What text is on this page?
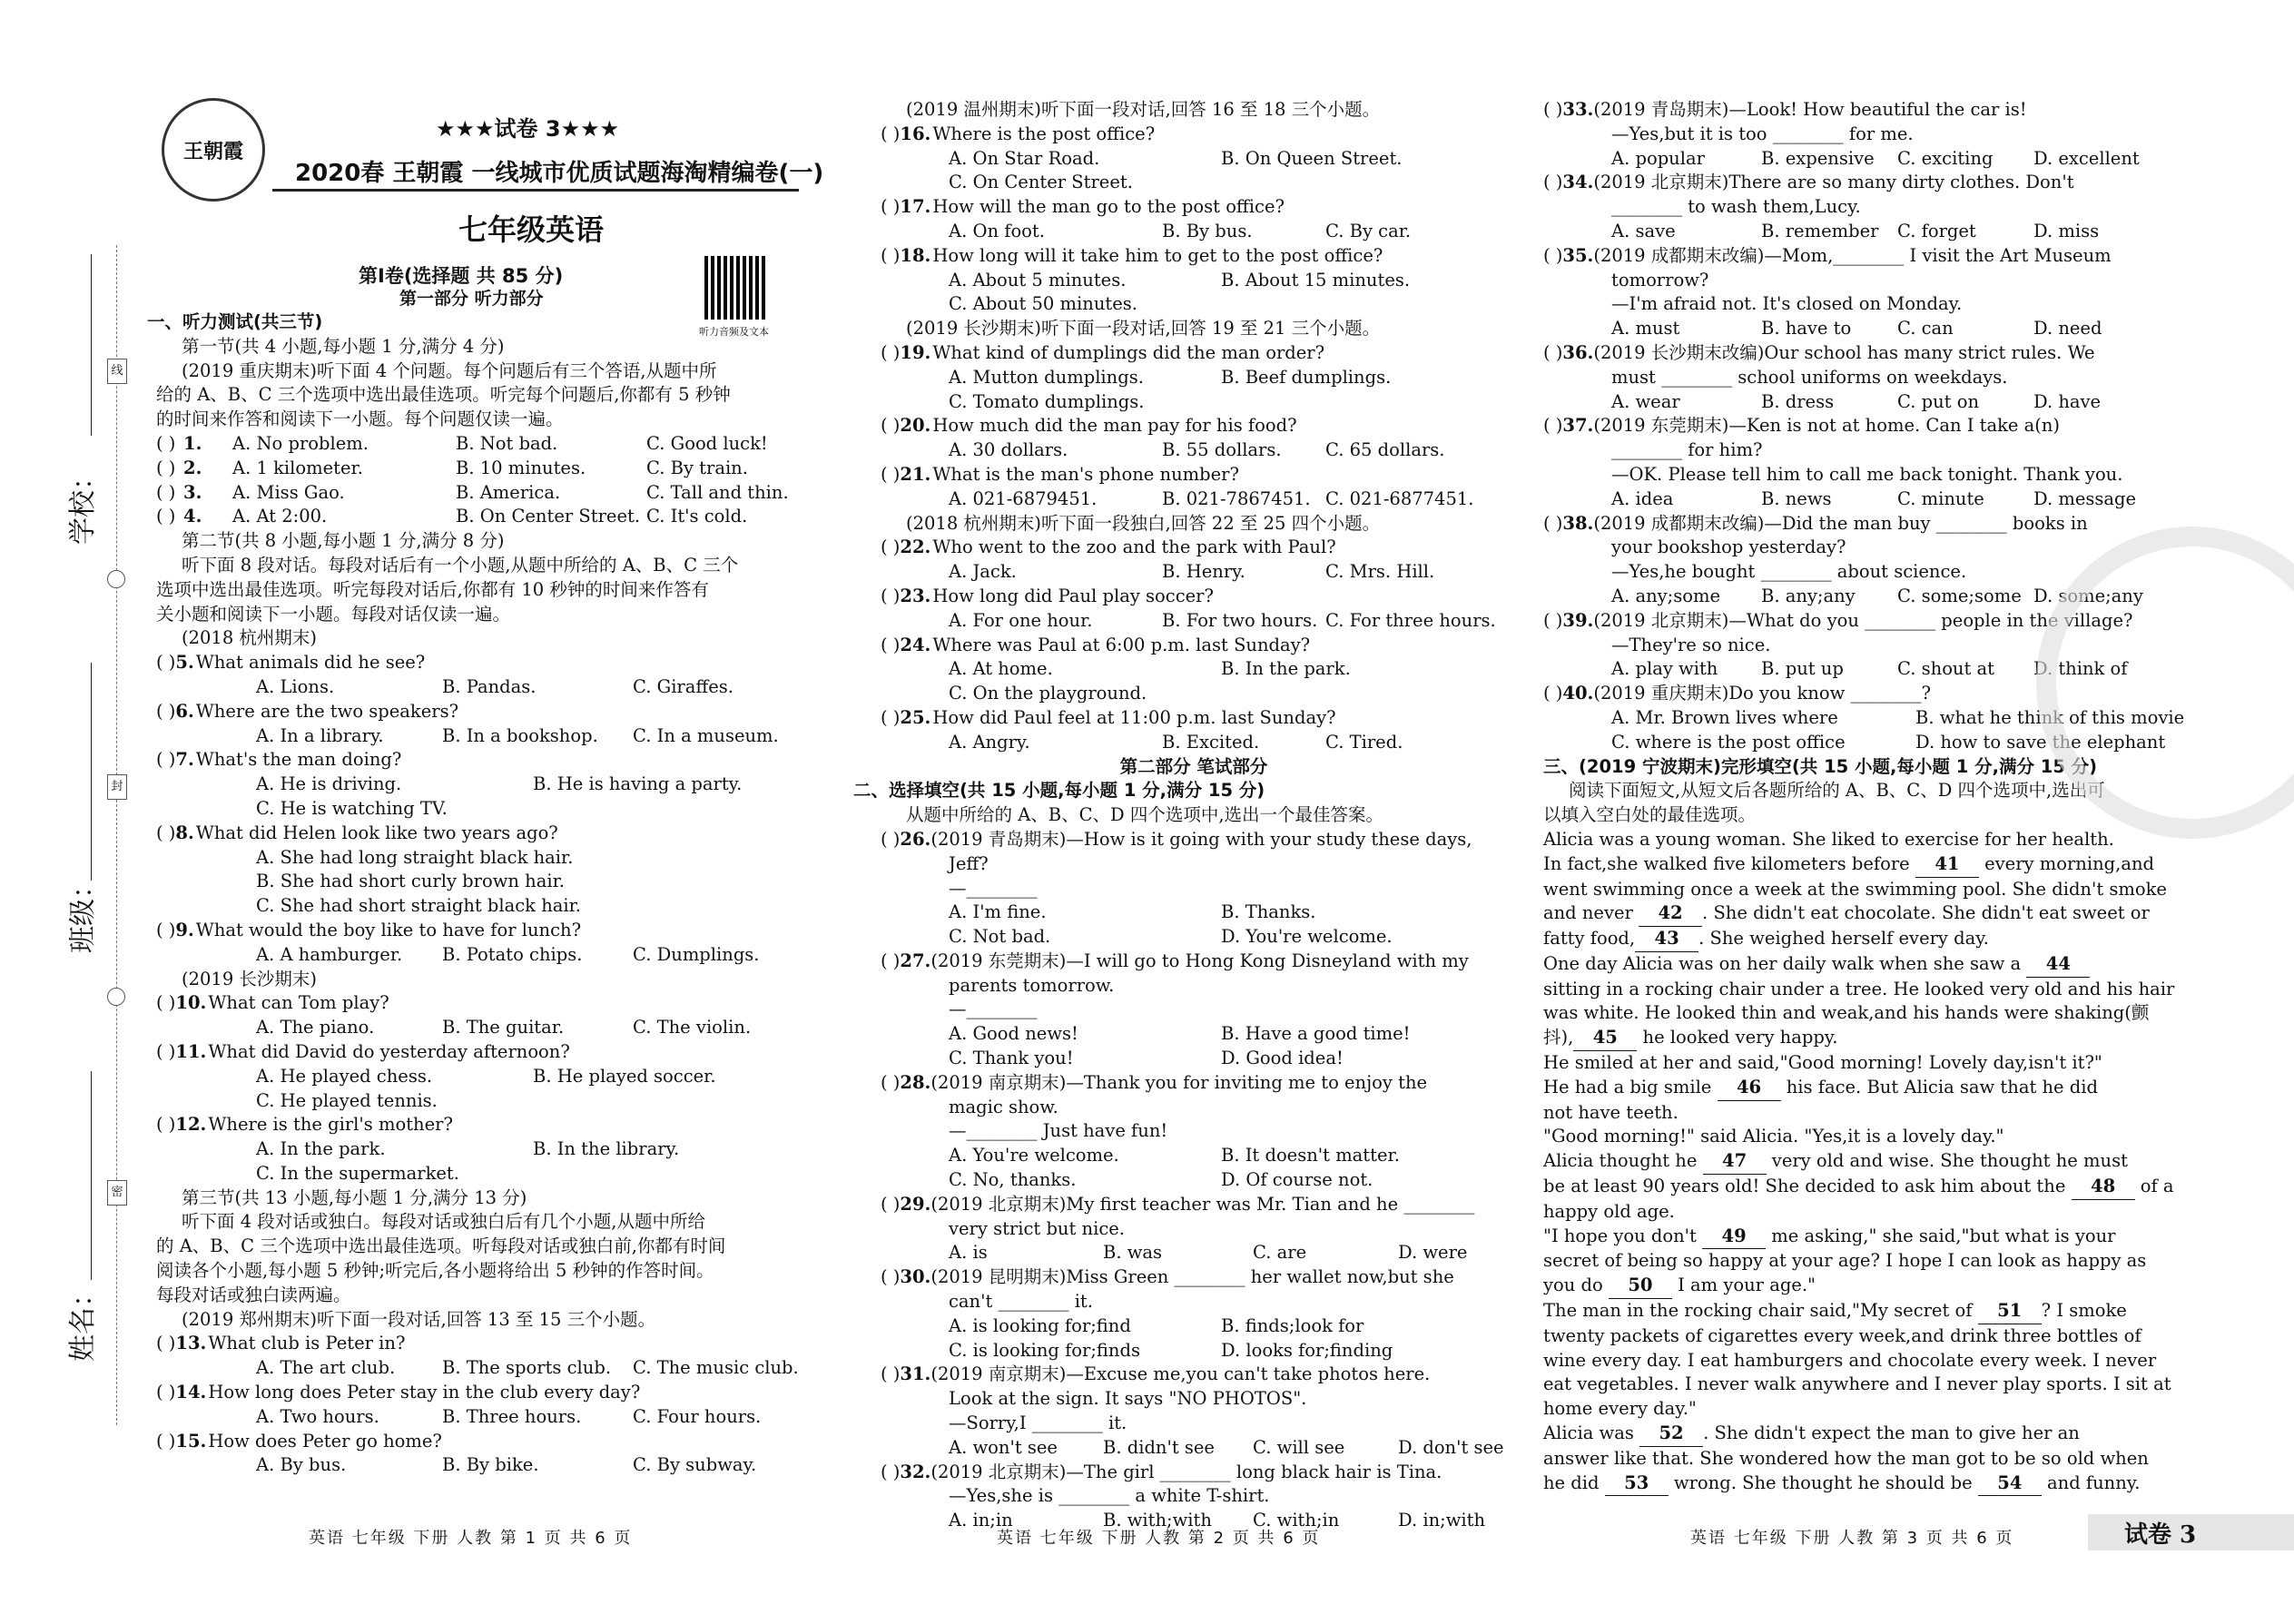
线
封
密
学校：
班级：
姓名：
王朝霞
★★★试卷 3★★★
2020春 王朝霞 一线城市优质试题海淘精编卷(一)
七年级英语
第Ⅰ卷(选择题 共 85 分)
第一部分 听力部分
听力音频及文本
一、听力测试(共三节)
第一节(共 4 小题,每小题 1 分,满分 4 分)
(2019 重庆期末)听下面 4 个问题。每个问题后有三个答语,从题中所
给的 A、B、C 三个选项中选出最佳选项。听完每个问题后,你都有 5 秒钟
的时间来作答和阅读下一小题。每个问题仅读一遍。
( ) 1. A. No problem.	B. Not bad.	C. Good luck!
( ) 2. A. 1 kilometer.	B. 10 minutes.	C. By train.
( ) 3. A. Miss Gao.	B. America.	C. Tall and thin.
( ) 4. A. At 2:00.	B. On Center Street. C. It's cold.
第二节(共 8 小题,每小题 1 分,满分 8 分)
听下面 8 段对话。每段对话后有一个小题,从题中所给的 A、B、C 三个
选项中选出最佳选项。听完每段对话后,你都有 10 秒钟的时间来作答有
关小题和阅读下一小题。每段对话仅读一遍。
(2018 杭州期末)
( )5. What animals did he see?
A. Lions.	B. Pandas.	C. Giraffes.
( )6. Where are the two speakers?
A. In a library.	B. In a bookshop. C. In a museum.
( )7. What's the man doing?
A. He is driving.	B. He is having a party.
C. He is watching TV.
( )8. What did Helen look like two years ago?
A. She had long straight black hair.
B. She had short curly brown hair.
C. She had short straight black hair.
( )9. What would the boy like to have for lunch?
A. A hamburger. B. Potato chips.	C. Dumplings.
(2019 长沙期末)
( )10. What can Tom play?
A. The piano.	B. The guitar.	C. The violin.
( )11. What did David do yesterday afternoon?
A. He played chess.	B. He played soccer.
C. He played tennis.
( )12. Where is the girl's mother?
A. In the park.	B. In the library.
C. In the supermarket.
第三节(共 13 小题,每小题 1 分,满分 13 分)
听下面 4 段对话或独白。每段对话或独白后有几个小题,从题中所给
的 A、B、C 三个选项中选出最佳选项。听每段对话或独白前,你都有时间
阅读各个小题,每小题 5 秒钟;听完后,各小题将给出 5 秒钟的作答时间。
每段对话或独白读两遍。
(2019 郑州期末)听下面一段对话,回答 13 至 15 三个小题。
( )13. What club is Peter in?
A. The art club.	B. The sports club. C. The music club.
( )14. How long does Peter stay in the club every day?
A. Two hours.	B. Three hours.	C. Four hours.
( )15. How does Peter go home?
A. By bus.	B. By bike.	C. By subway.
(2019 温州期末)听下面一段对话,回答 16 至 18 三个小题。
( )16. Where is the post office?
A. On Star Road.	B. On Queen Street.
C. On Center Street.
( )17. How will the man go to the post office?
A. On foot.	B. By bus.	C. By car.
( )18. How long will it take him to get to the post office?
A. About 5 minutes.	B. About 15 minutes.
C. About 50 minutes.
(2019 长沙期末)听下面一段对话,回答 19 至 21 三个小题。
( )19. What kind of dumplings did the man order?
A. Mutton dumplings.	B. Beef dumplings.
C. Tomato dumplings.
( )20. How much did the man pay for his food?
A. 30 dollars.	B. 55 dollars. C. 65 dollars.
( )21. What is the man's phone number?
A. 021-6879451.	B. 021-7867451. C. 021-6877451.
(2018 杭州期末)听下面一段独白,回答 22 至 25 四个小题。
( )22. Who went to the zoo and the park with Paul?
A. Jack.	B. Henry.	C. Mrs. Hill.
( )23. How long did Paul play soccer?
A. For one hour.	B. For two hours. C. For three hours.
( )24. Where was Paul at 6:00 p.m. last Sunday?
A. At home.	B. In the park.
C. On the playground.
( )25. How did Paul feel at 11:00 p.m. last Sunday?
A. Angry.	B. Excited.	C. Tired.
第二部分 笔试部分
二、选择填空(共 15 小题,每小题 1 分,满分 15 分)
从题中所给的 A、B、C、D 四个选项中,选出一个最佳答案。
( )26.(2019 青岛期末)—How is it going with your study these days,
Jeff?
—________
A. I'm fine.	B. Thanks.
C. Not bad.	D. You're welcome.
( )27.(2019 东莞期末)—I will go to Hong Kong Disneyland with my
parents tomorrow.
—________
A. Good news!	B. Have a good time!
C. Thank you!	D. Good idea!
( )28.(2019 南京期末)—Thank you for inviting me to enjoy the
magic show.
—________ Just have fun!
A. You're welcome.	B. It doesn't matter.
C. No, thanks.	D. Of course not.
( )29.(2019 北京期末)My first teacher was Mr. Tian and he ________
very strict but nice.
A. is	B. was	C. are	D. were
( )30.(2019 昆明期末)Miss Green ________ her wallet now,but she
can't ________ it.
A. is looking for;find	B. finds;look for
C. is looking for;finds	D. looks for;finding
( )31.(2019 南京期末)—Excuse me,you can't take photos here.
Look at the sign. It says "NO PHOTOS".
—Sorry,I ________ it.
A. won't see	B. didn't see C. will see	D. don't see
( )32.(2019 北京期末)—The girl ________ long black hair is Tina.
—Yes,she is ________ a white T-shirt.
A. in;in	B. with;with C. with;in	D. in;with
( )33.(2019 青岛期末)—Look! How beautiful the car is!
—Yes,but it is too ________ for me.
A. popular	B. expensive C. exciting D. excellent
( )34.(2019 北京期末)There are so many dirty clothes. Don't
________ to wash them,Lucy.
A. save	B. remember C. forget	D. miss
( )35.(2019 成都期末改编)—Mom,________ I visit the Art Museum
tomorrow?
—I'm afraid not. It's closed on Monday.
A. must	B. have to	C. can	D. need
( )36.(2019 长沙期末改编)Our school has many strict rules. We
must ________ school uniforms on weekdays.
A. wear	B. dress	C. put on	D. have
( )37.(2019 东莞期末)—Ken is not at home. Can I take a(n)
________ for him?
—OK. Please tell him to call me back tonight. Thank you.
A. idea	B. news	C. minute	D. message
( )38.(2019 成都期末改编)—Did the man buy ________ books in
your bookshop yesterday?
—Yes,he bought ________ about science.
A. any;some B. any;any C. some;some D. some;any
( )39.(2019 北京期末)—What do you ________ people in the village?
—They're so nice.
A. play with B. put up	C. shout at D. think of
( )40.(2019 重庆期末)Do you know ________?
A. Mr. Brown lives where	B. what he think of this movie
C. where is the post office	D. how to save the elephant
三、(2019 宁波期末)完形填空(共 15 小题,每小题 1 分,满分 15 分)
阅读下面短文,从短文后各题所给的 A、B、C、D 四个选项中,选出可
以填入空白处的最佳选项。
Alicia was a young woman. She liked to exercise for her health.
In fact,she walked five kilometers before 41 every morning,and
went swimming once a week at the swimming pool. She didn't smoke
and never 42 . She didn't eat chocolate. She didn't eat sweet or
fatty food, 43 . She weighed herself every day.
One day Alicia was on her daily walk when she saw a 44
sitting in a rocking chair under a tree. He looked very old and his hair
was white. He looked thin and weak,and his hands were shaking(颤
抖), 45 he looked very happy.
He smiled at her and said,"Good morning! Lovely day,isn't it?"
He had a big smile 46 his face. But Alicia saw that he did
not have teeth.
"Good morning!" said Alicia. "Yes,it is a lovely day."
Alicia thought he 47 very old and wise. She thought he must
be at least 90 years old! She decided to ask him about the 48 of a
happy old age.
"I hope you don't 49 me asking," she said,"but what is your
secret of being so happy at your age? I hope I can look as happy as
you do 50 I am your age."
The man in the rocking chair said,"My secret of 51 ? I smoke
twenty packets of cigarettes every week,and drink three bottles of
wine every day. I eat hamburgers and chocolate every week. I never
eat vegetables. I never walk anywhere and I never play sports. I sit at
home every day."
Alicia was 52 . She didn't expect the man to give her an
answer like that. She wondered how the man got to be so old when
he did 53 wrong. She thought he should be 54 and funny.
英语 七年级 下册 人教 第 1 页 共 6 页	英语 七年级 下册 人教 第 2 页 共 6 页	英语 七年级 下册 人教 第 3 页 共 6 页	试卷 3
